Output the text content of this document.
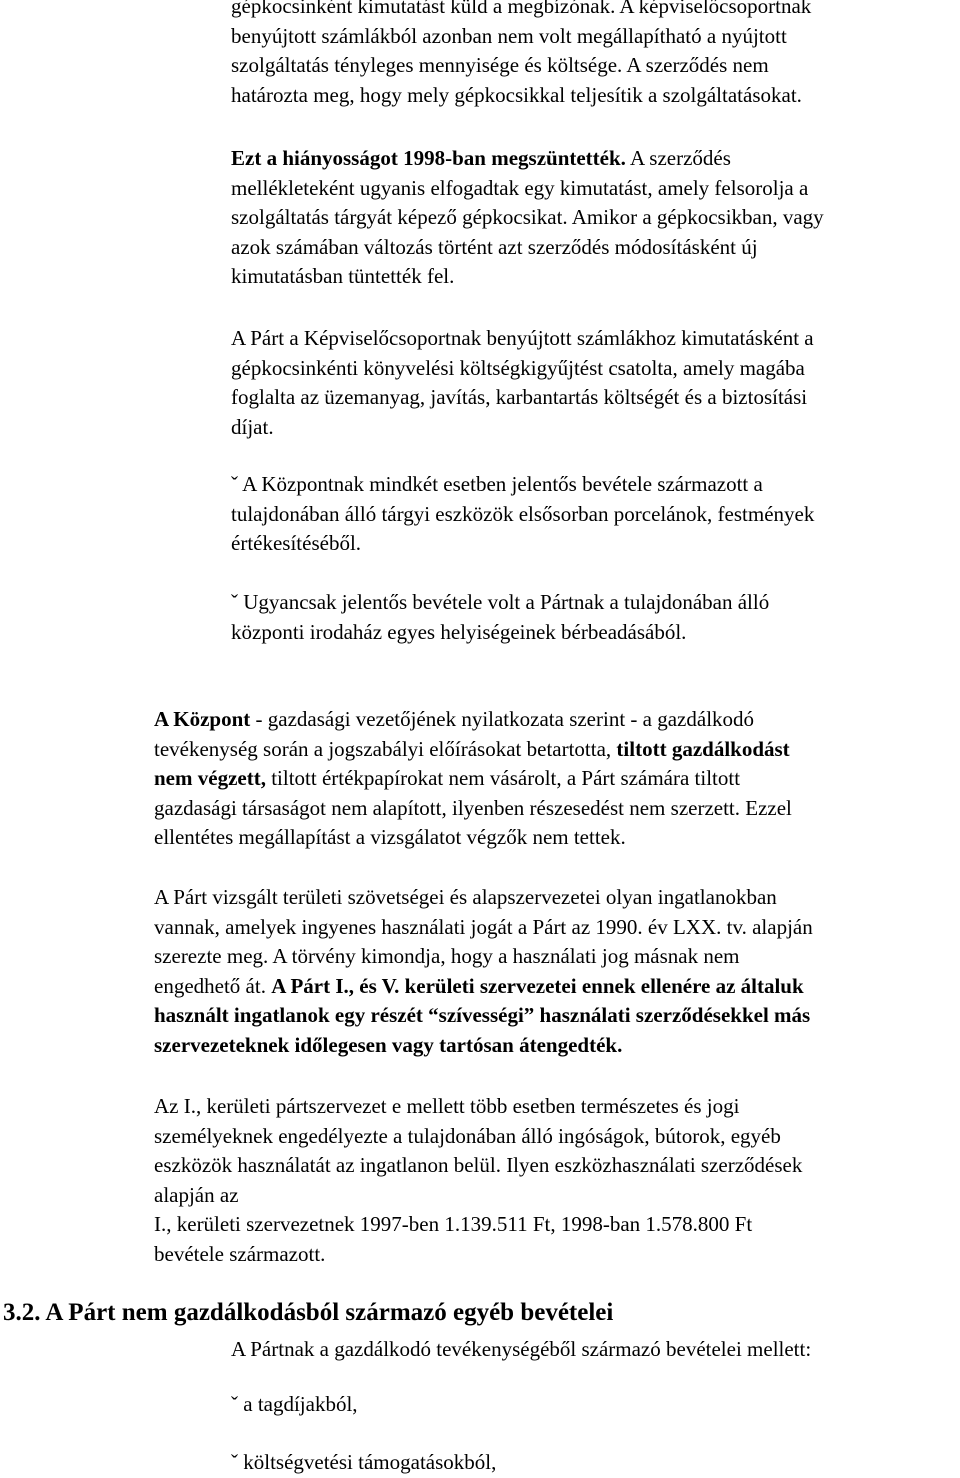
gépkocsinként kimutatást küld a megbízónak. A képviselőcsoportnak
benyújtott számlákból azonban nem volt megállapítható a nyújtott
szolgáltatás tényleges mennyisége és költsége. A szerződés nem
határozta meg, hogy mely gépkocsikkal teljesítik a szolgáltatásokat.

Ezt a hiányosságot 1998-ban megszüntették. A szerződés
mellékleteként ugyanis elfogadtak egy kimutatást, amely felsorolja a
szolgáltatás tárgyát képező gépkocsikat. Amikor a gépkocsikban, vagy
azok számában változás történt azt szerződés módosításként új
kimutatásban tüntették fel.

A Párt a Képviselőcsoportnak benyújtott számlákhoz kimutatásként a
gépkocsinkénti könyvelési költségkigyűjtést csatolta, amely magába
foglalta az üzemanyag, javítás, karbantartás költségét és a biztosítási
díjat.

ˇ A Központnak mindkét esetben jelentős bevétele származott a
tulajdonában álló tárgyi eszközök elsősorban porcelánok, festmények
értékesítéséből.

ˇ Ugyancsak jelentős bevétele volt a Pártnak a tulajdonában álló
központi irodaház egyes helyiségeinek bérbeadásából.

A Központ - gazdasági vezetőjének nyilatkozata szerint - a gazdálkodó
tevékenység során a jogszabályi előírásokat betartotta, tiltott gazdálkodást
nem végzett, tiltott értékpapírokat nem vásárolt, a Párt számára tiltott
gazdasági társaságot nem alapított, ilyenben részesedést nem szerzett. Ezzel
ellentétes megállapítást a vizsgálatot végzők nem tettek.

A Párt vizsgált területi szövetségei és alapszervezetei olyan ingatlanokban
vannak, amelyek ingyenes használati jogát a Párt az 1990. év LXX. tv. alapján
szerezte meg. A törvény kimondja, hogy a használati jog másnak nem
engedhető át. A Párt I., és V. kerületi szervezetei ennek ellenére az általuk
használt ingatlanok egy részét “szívességi” használati szerződésekkel más
szervezeteknek időlegesen vagy tartósan átengedték.

Az I., kerületi pártszervezet e mellett több esetben természetes és jogi
személyeknek engedélyezte a tulajdonában álló ingóságok, bútorok, egyéb
eszközök használatát az ingatlanon belül. Ilyen eszközhasználati szerződések
alapján az
I., kerületi szervezetnek 1997-ben 1.139.511 Ft, 1998-ban 1.578.800 Ft
bevétele származott.

3.2. A Párt nem gazdálkodásból származó egyéb bevételei

A Pártnak a gazdálkodó tevékenységéből származó bevételei mellett:

ˇ a tagdíjakból,

ˇ költségvetési támogatásokból,
